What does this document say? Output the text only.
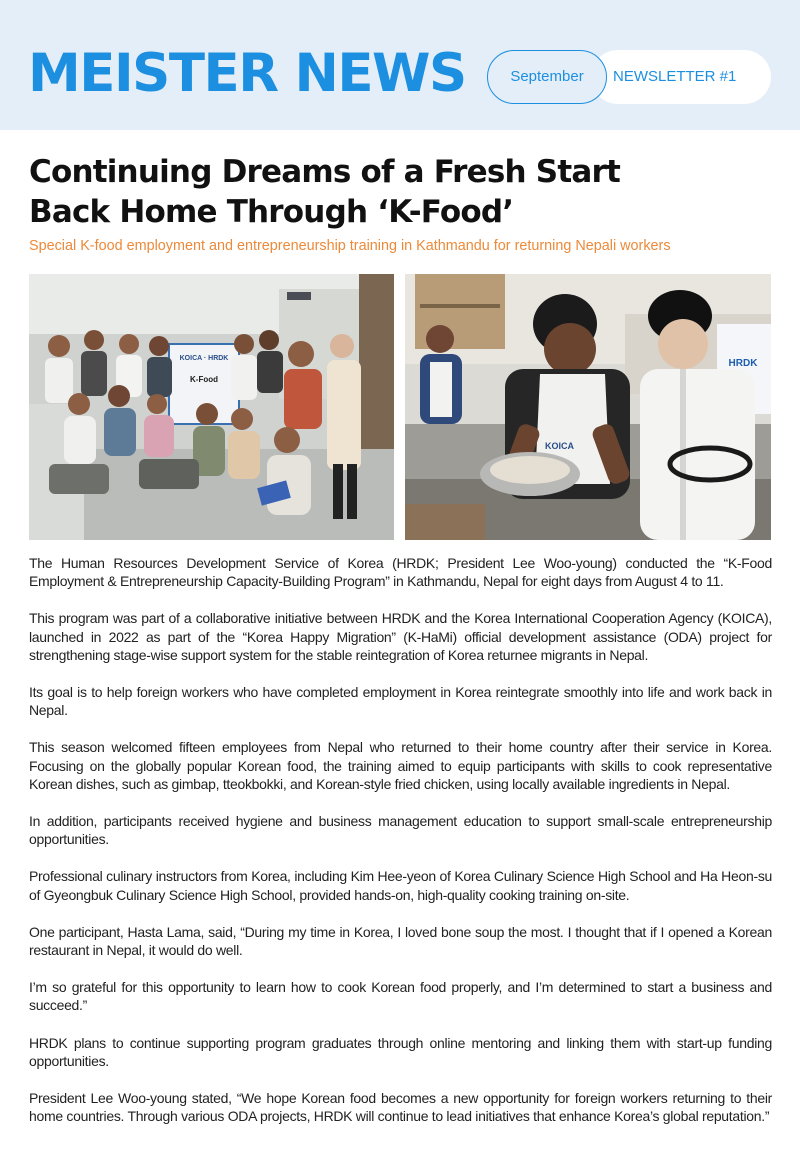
MEISTER NEWS	NEWSLETTER #1
September
Continuing Dreams of a Fresh Start
Back Home Through ‘K-Food’
Special K-food employment and entrepreneurship training in Kathmandu for returning Nepali workers
KOICA · HRDK
K-Food
HRDK
KOICA

The Human Resources Development Service of Korea (HRDK; President Lee Woo-young) conducted the “K-Food Employment & Entrepreneurship Capacity-Building Program” in Kathmandu, Nepal for eight days from August 4 to 11.

This program was part of a collaborative initiative between HRDK and the Korea International Cooperation Agency (KOICA), launched in 2022 as part of the “Korea Happy Migration” (K-HaMi) official development assistance (ODA) project for strengthening stage-wise support system for the stable reintegration of Korea returnee migrants in Nepal.

Its goal is to help foreign workers who have completed employment in Korea reintegrate smoothly into life and work back in Nepal.

This season welcomed fifteen employees from Nepal who returned to their home country after their service in Korea. Focusing on the globally popular Korean food, the training aimed to equip participants with skills to cook representative Korean dishes, such as gimbap, tteokbokki, and Korean-style fried chicken, using locally available ingredients in Nepal.

In addition, participants received hygiene and business management education to support small-scale entrepreneurship opportunities.

Professional culinary instructors from Korea, including Kim Hee-yeon of Korea Culinary Science High School and Ha Heon-su of Gyeongbuk Culinary Science High School, provided hands-on, high-quality cooking training on-site.

One participant, Hasta Lama, said, “During my time in Korea, I loved bone soup the most. I thought that if I opened a Korean restaurant in Nepal, it would do well.

I’m so grateful for this opportunity to learn how to cook Korean food properly, and I’m determined to start a business and succeed.”

HRDK plans to continue supporting program graduates through online mentoring and linking them with start-up funding opportunities.

President Lee Woo-young stated, “We hope Korean food becomes a new opportunity for foreign workers returning to their home countries. Through various ODA projects, HRDK will continue to lead initiatives that enhance Korea’s global reputation.”
